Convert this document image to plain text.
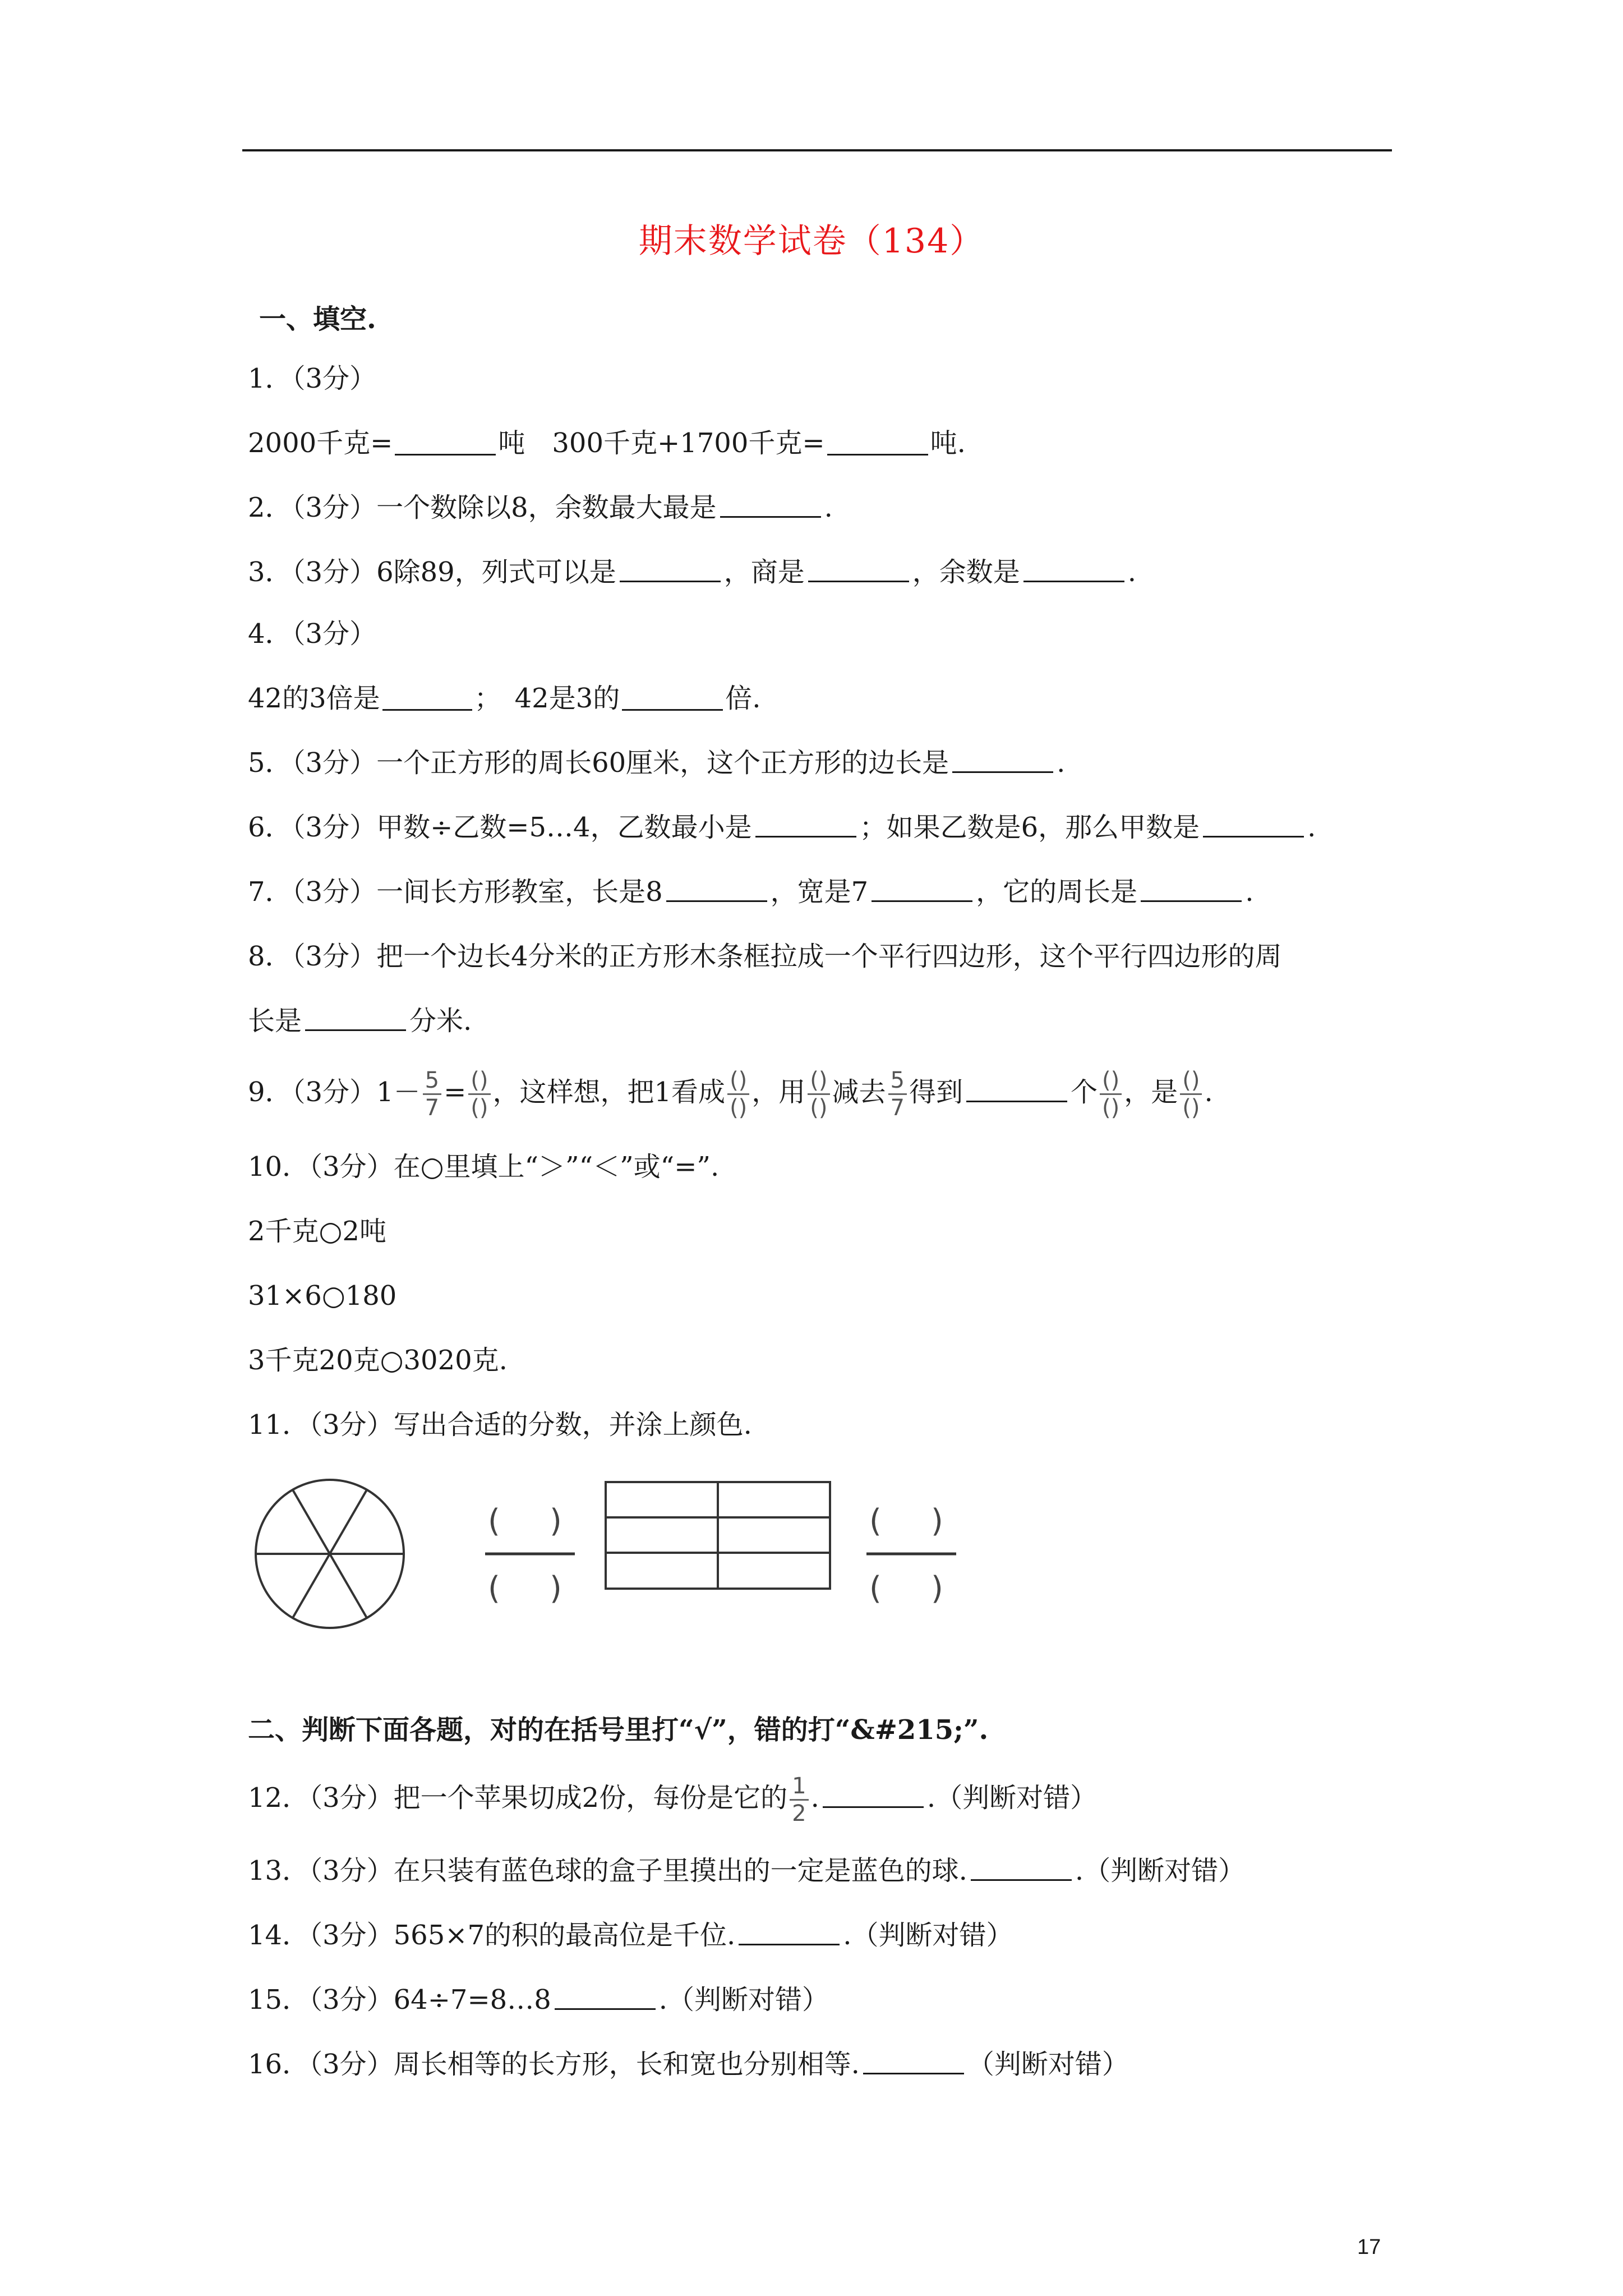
期末数学试卷（134）
一、填空.
1．（3分）
2000千克=	吨　300千克+1700千克=	吨.
2．（3分）一个数除以8，余数最大最是	.
3．（3分）6除89，列式可以是	，商是	，余数是	.
4．（3分）
42的3倍是	；　42是3的	倍.
5．（3分）一个正方形的周长60厘米，这个正方形的边长是	.
6．（3分）甲数÷乙数=5…4，乙数最小是	；如果乙数是6，那么甲数是	.
7．（3分）一间长方形教室，长是8	，宽是7	，它的周长是	.
8．（3分）把一个边长4分米的正方形木条框拉成一个平行四边形，这个平行四边形的周
长是	分米.
9．（3分）$1- \frac{5}{7} = \frac{()}{()}$ ，这样想，把1看成 $\frac{()}{()}$ ，用 $\frac{()}{()}$ 减去 $\frac{5}{7}$ 得到	个 $\frac{()}{()}$ ，是 $\frac{()}{()}$ .
10．（3分）在○里填上“＞”“＜”或“=”.
2千克○2吨
31×6○180
3千克20克○3020克.
11．（3分）写出合适的分数，并涂上颜色.
( )
( )
( )
( )
二、判断下面各题，对的在括号里打“√”，错的打“&#215;”.
12．（3分）把一个苹果切成2份，每份是它的 $\frac{1}{2}$ .	.（判断对错）
13．（3分）在只装有蓝色球的盒子里摸出的一定是蓝色的球.	.（判断对错）
14．（3分）565×7的积的最高位是千位.	.（判断对错）
15．（3分）64÷7=8…8	.（判断对错）
16．（3分）周长相等的长方形，长和宽也分别相等.	（判断对错）
17
